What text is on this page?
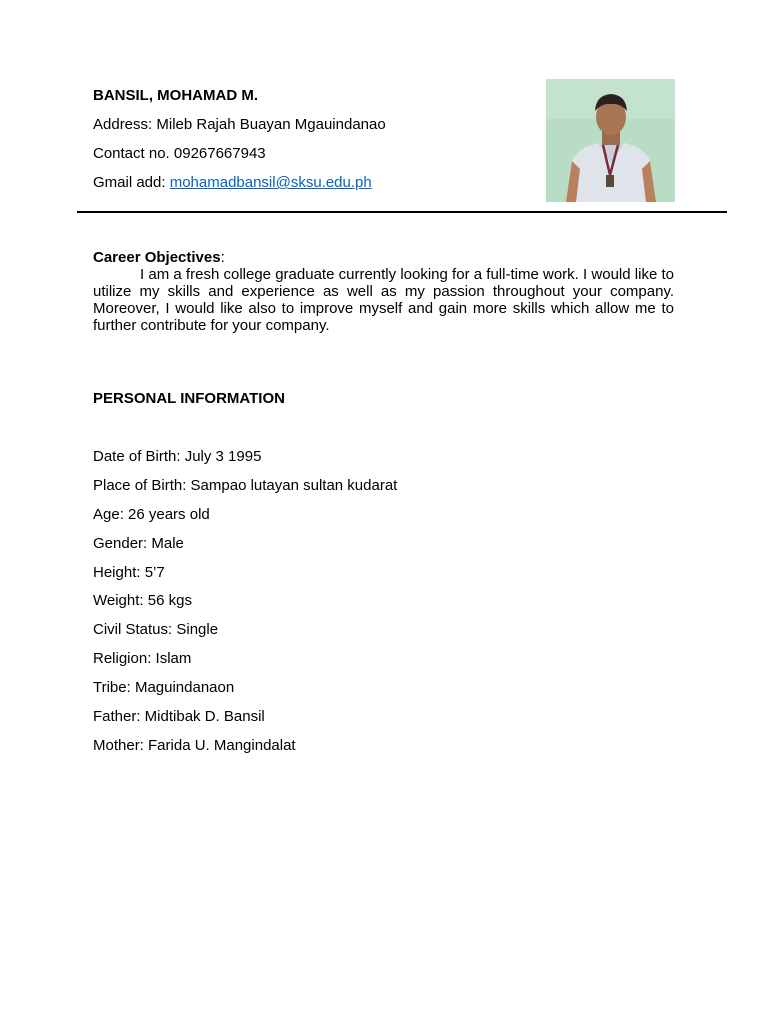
BANSIL, MOHAMAD M.
Address: Mileb Rajah Buayan Mgauindanao
Contact no. 09267667943
Gmail add: mohamadbansil@sksu.edu.ph
Career Objectives:
I am a fresh college graduate currently looking for a full-time work. I would like to utilize my skills and experience as well as my passion throughout your company. Moreover, I would like also to improve myself and gain more skills which allow me to further contribute for your company.
PERSONAL INFORMATION
Date of Birth: July 3 1995
Place of Birth: Sampao lutayan sultan kudarat
Age: 26 years old
Gender: Male
Height: 5’7
Weight: 56 kgs
Civil Status: Single
Religion: Islam
Tribe: Maguindanaon
Father: Midtibak D. Bansil
Mother: Farida U. Mangindalat
